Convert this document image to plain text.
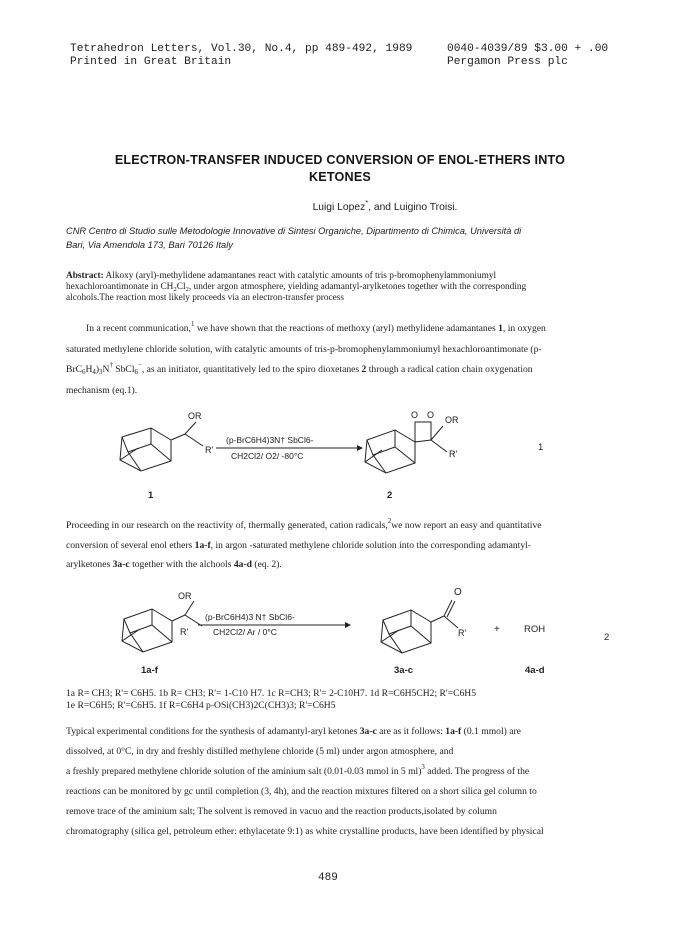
Tetrahedron Letters, Vol.30, No.4, pp 489-492, 1989
Printed in Great Britain
0040-4039/89 $3.00 + .00
Pergamon Press plc
ELECTRON-TRANSFER INDUCED CONVERSION OF ENOL-ETHERS INTO
KETONES
Luigi Lopez*, and Luigino Troisi.
CNR Centro di Studio sulle Metodologie Innovative di Sintesi Organiche, Dipartimento di Chimica, Università di
Bari, Via Amendola 173, Bari 70126 Italy
Abstract: Alkoxy (aryl)-methylidene adamantanes react with catalytic amounts of tris p-bromophenylammoniumyl
hexachloroantimonate in $CH_2Cl_2$, under argon atmosphere, yielding adamantyl-arylketones together with the corresponding
alcohols.The reaction most likely proceeds via an electron-transfer process
In a recent communication,$^1$ we have shown that the reactions of methoxy (aryl) methylidene adamantanes 1, in oxygen
saturated methylene chloride solution, with catalytic amounts of tris-p-bromophenylammoniumyl hexachloroantimonate (p-
$BrC_6H_4)_3N^\dagger$ SbCl$_6$−, as an initiator, quantitatively led to the spiro dioxetanes 2 through a radical cation chain oxygenation
mechanism (eq.1).
OR
R'
(p-BrC6H4)3N† SbCl6-
CH2Cl2/ O2/ -80°C
O O OR
R'
1
1	2
Proceeding in our research on the reactivity of, thermally generated, cation radicals,$^2$we now report an easy and quantitative
conversion of several enol ethers 1a-f, in argon -saturated methylene chloride solution into the corresponding adamantyl-
arylketones 3a-c together with the alchools 4a-d (eq. 2).
OR
R'
(p-BrC6H4)3 N† SbCl6-
CH2Cl2/ Ar / 0°C
O
R'	+	ROH
2
1a-f	3a-c	4a-d
1a R= CH3; R'= C6H5. 1b R= CH3; R'= 1-C10 H7. 1c R=CH3; R'= 2-C10H7. 1d R=C6H5CH2; R'=C6H5
1e R=C6H5; R'=C6H5. 1f R=C6H4 p-OSi(CH3)2C(CH3)3; R'=C6H5
Typical experimental conditions for the synthesis of adamantyl-aryl ketones 3a-c are as it follows: 1a-f (0.1 mmol) are
dissolved, at 0°C, in dry and freshly distilled methylene chloride (5 ml) under argon atmosphere, and
a freshly prepared methylene chloride solution of the aminium salt (0.01-0.03 mmol in 5 ml)$^3$ added. The progress of the
reactions can be monitored by gc until completion (3, 4h), and the reaction mixtures filtered on a short silica gel column to
remove trace of the aminium salt; The solvent is removed in vacuo and the reaction products,isolated by column
chromatography (silica gel, petroleum ether: ethylacetate 9:1) as white crystalline products, have been identified by physical
489
